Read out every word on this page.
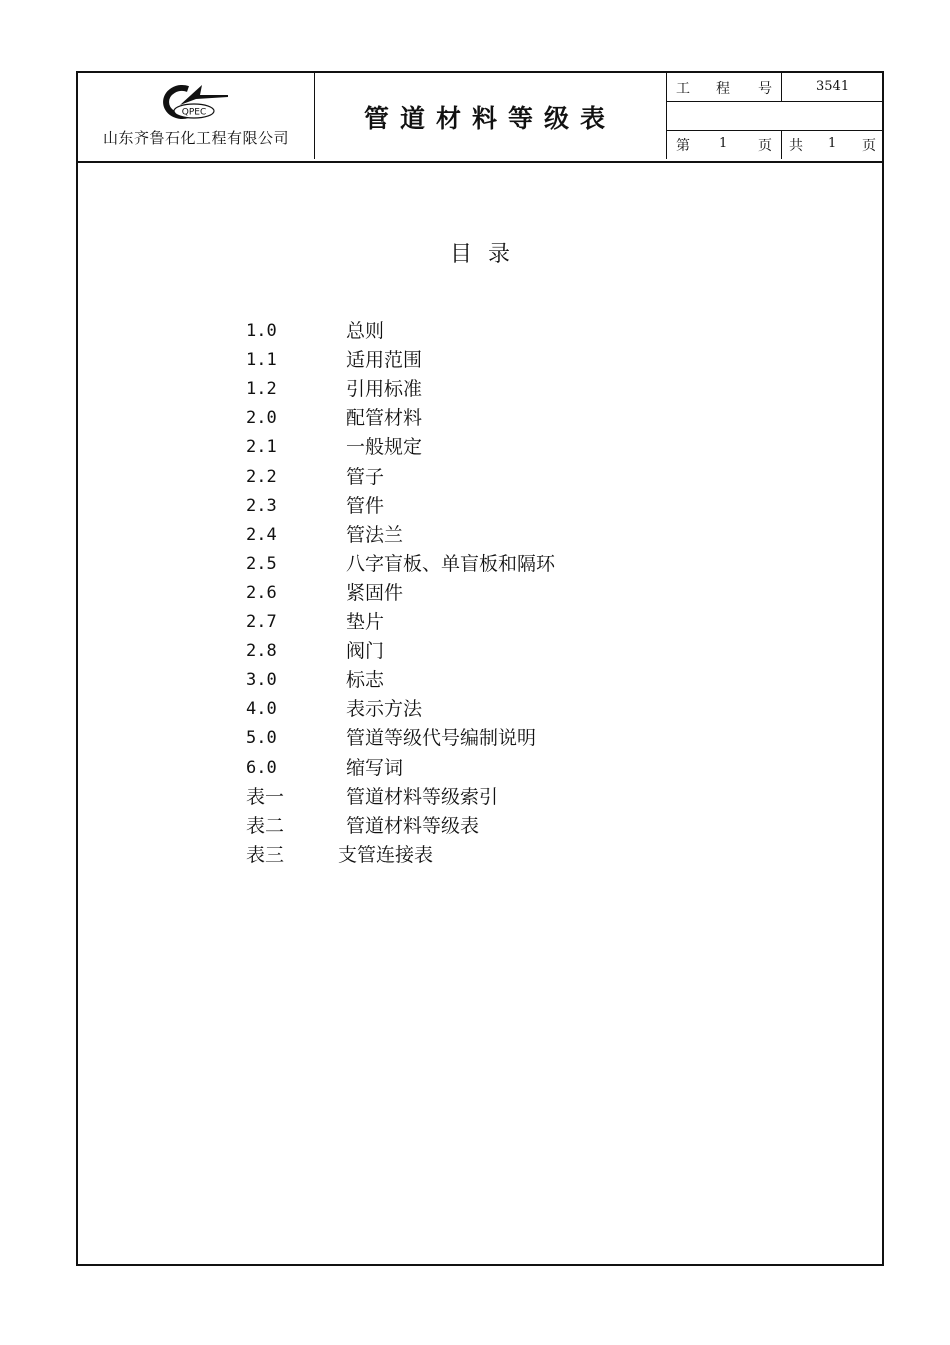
QPEC
山东齐鲁石化工程有限公司
管道材料等级表
工 程 号	3541
第 1 页 共 1 页
目录
1.0	总则
1.1	适用范围
1.2	引用标准
2.0	配管材料
2.1	一般规定
2.2	管子
2.3	管件
2.4	管法兰
2.5	八字盲板、单盲板和隔环
2.6	紧固件
2.7	垫片
2.8	阀门
3.0	标志
4.0	表示方法
5.0	管道等级代号编制说明
6.0	缩写词
表一	管道材料等级索引
表二	管道材料等级表
表三	支管连接表
